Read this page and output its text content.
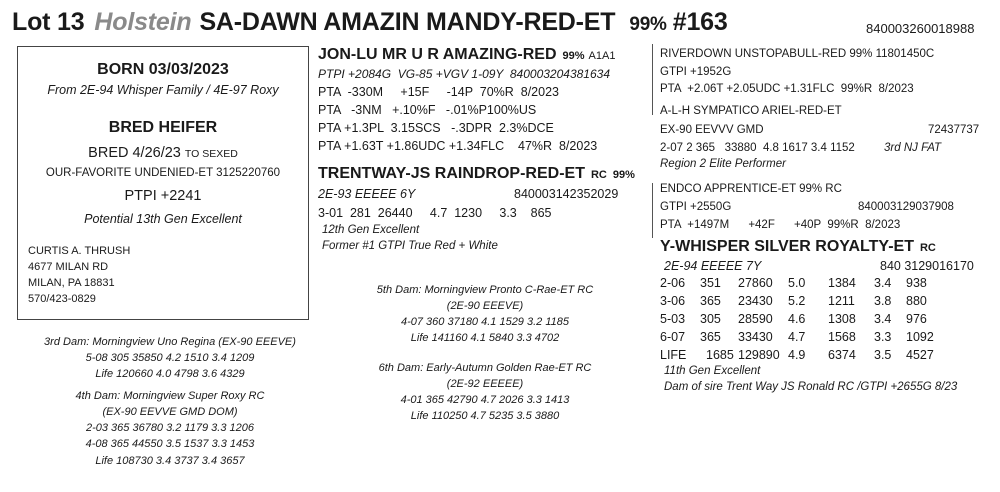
Lot 13 Holstein SA-DAWN AMAZIN MANDY-RED-ET 99% #163	840003260018988
BORN 03/03/2023
From 2E-94 Whisper Family / 4E-97 Roxy
BRED HEIFER
BRED 4/26/23 TO SEXED
OUR-FAVORITE UNDENIED-ET 3125220760
PTPI +2241
Potential 13th Gen Excellent
CURTIS A. THRUSH
4677 MILAN RD
MILAN, PA 18831
570/423-0829
JON-LU MR U R AMAZING-RED 99% A1A1
PTPI +2084G  VG-85 +VGV 1-09Y  840003204381634
PTA  -330M     +15F     -14P  70%R  8/2023
PTA   -3NM   +.10%F   -.01%P100%US
PTA +1.3PL  3.15SCS   -.3DPR  2.3%DCE
PTA +1.63T +1.86UDC +1.34FLC    47%R  8/2023
TRENTWAY-JS RAINDROP-RED-ET RC 99%
2E-93 EEEEE 6Y	840003142352029
3-01  281  26440     4.7  1230     3.3    865
12th Gen Excellent
Former #1 GTPI True Red + White
RIVERDOWN UNSTOPABULL-RED 99% 11801450C
GTPI +1952G
PTA  +2.06T +2.05UDC +1.31FLC  99%R  8/2023
A-L-H SYMPATICO ARIEL-RED-ET
EX-90 EEVVV GMD	72437737
2-07 2 365   33880  4.8 1617 3.4 1152	3rd NJ FAT
Region 2 Elite Performer
ENDCO APPRENTICE-ET 99% RC
GTPI +2550G	840003129037908
PTA  +1497M      +42F      +40P  99%R  8/2023
Y-WHISPER SILVER ROYALTY-ET RC
2E-94 EEEEE 7Y	840 3129016170
2-06 351 27860 5.0 1384 3.4 938
3-06 365 23430 5.2 1211 3.8 880
5-03 305 28590 4.6 1308 3.4 976
6-07 365 33430 4.7 1568 3.3 1092
LIFE 1685 129890 4.9 6374 3.5 4527
11th Gen Excellent
Dam of sire Trent Way JS Ronald RC /GTPI +2655G 8/23
3rd Dam: Morningview Uno Regina (EX-90 EEEVE)
5-08 305 35850 4.2 1510 3.4 1209
Life 120660 4.0 4798 3.6 4329
4th Dam: Morningview Super Roxy RC
(EX-90 EEVVE GMD DOM)
2-03 365 36780 3.2 1179 3.3 1206
4-08 365 44550 3.5 1537 3.3 1453
Life 108730 3.4 3737 3.4 3657
5th Dam: Morningview Pronto C-Rae-ET RC
(2E-90 EEEVE)
4-07 360 37180 4.1 1529 3.2 1185
Life 141160 4.1 5840 3.3 4702
6th Dam: Early-Autumn Golden Rae-ET RC
(2E-92 EEEEE)
4-01 365 42790 4.7 2026 3.3 1413
Life 110250 4.7 5235 3.5 3880
